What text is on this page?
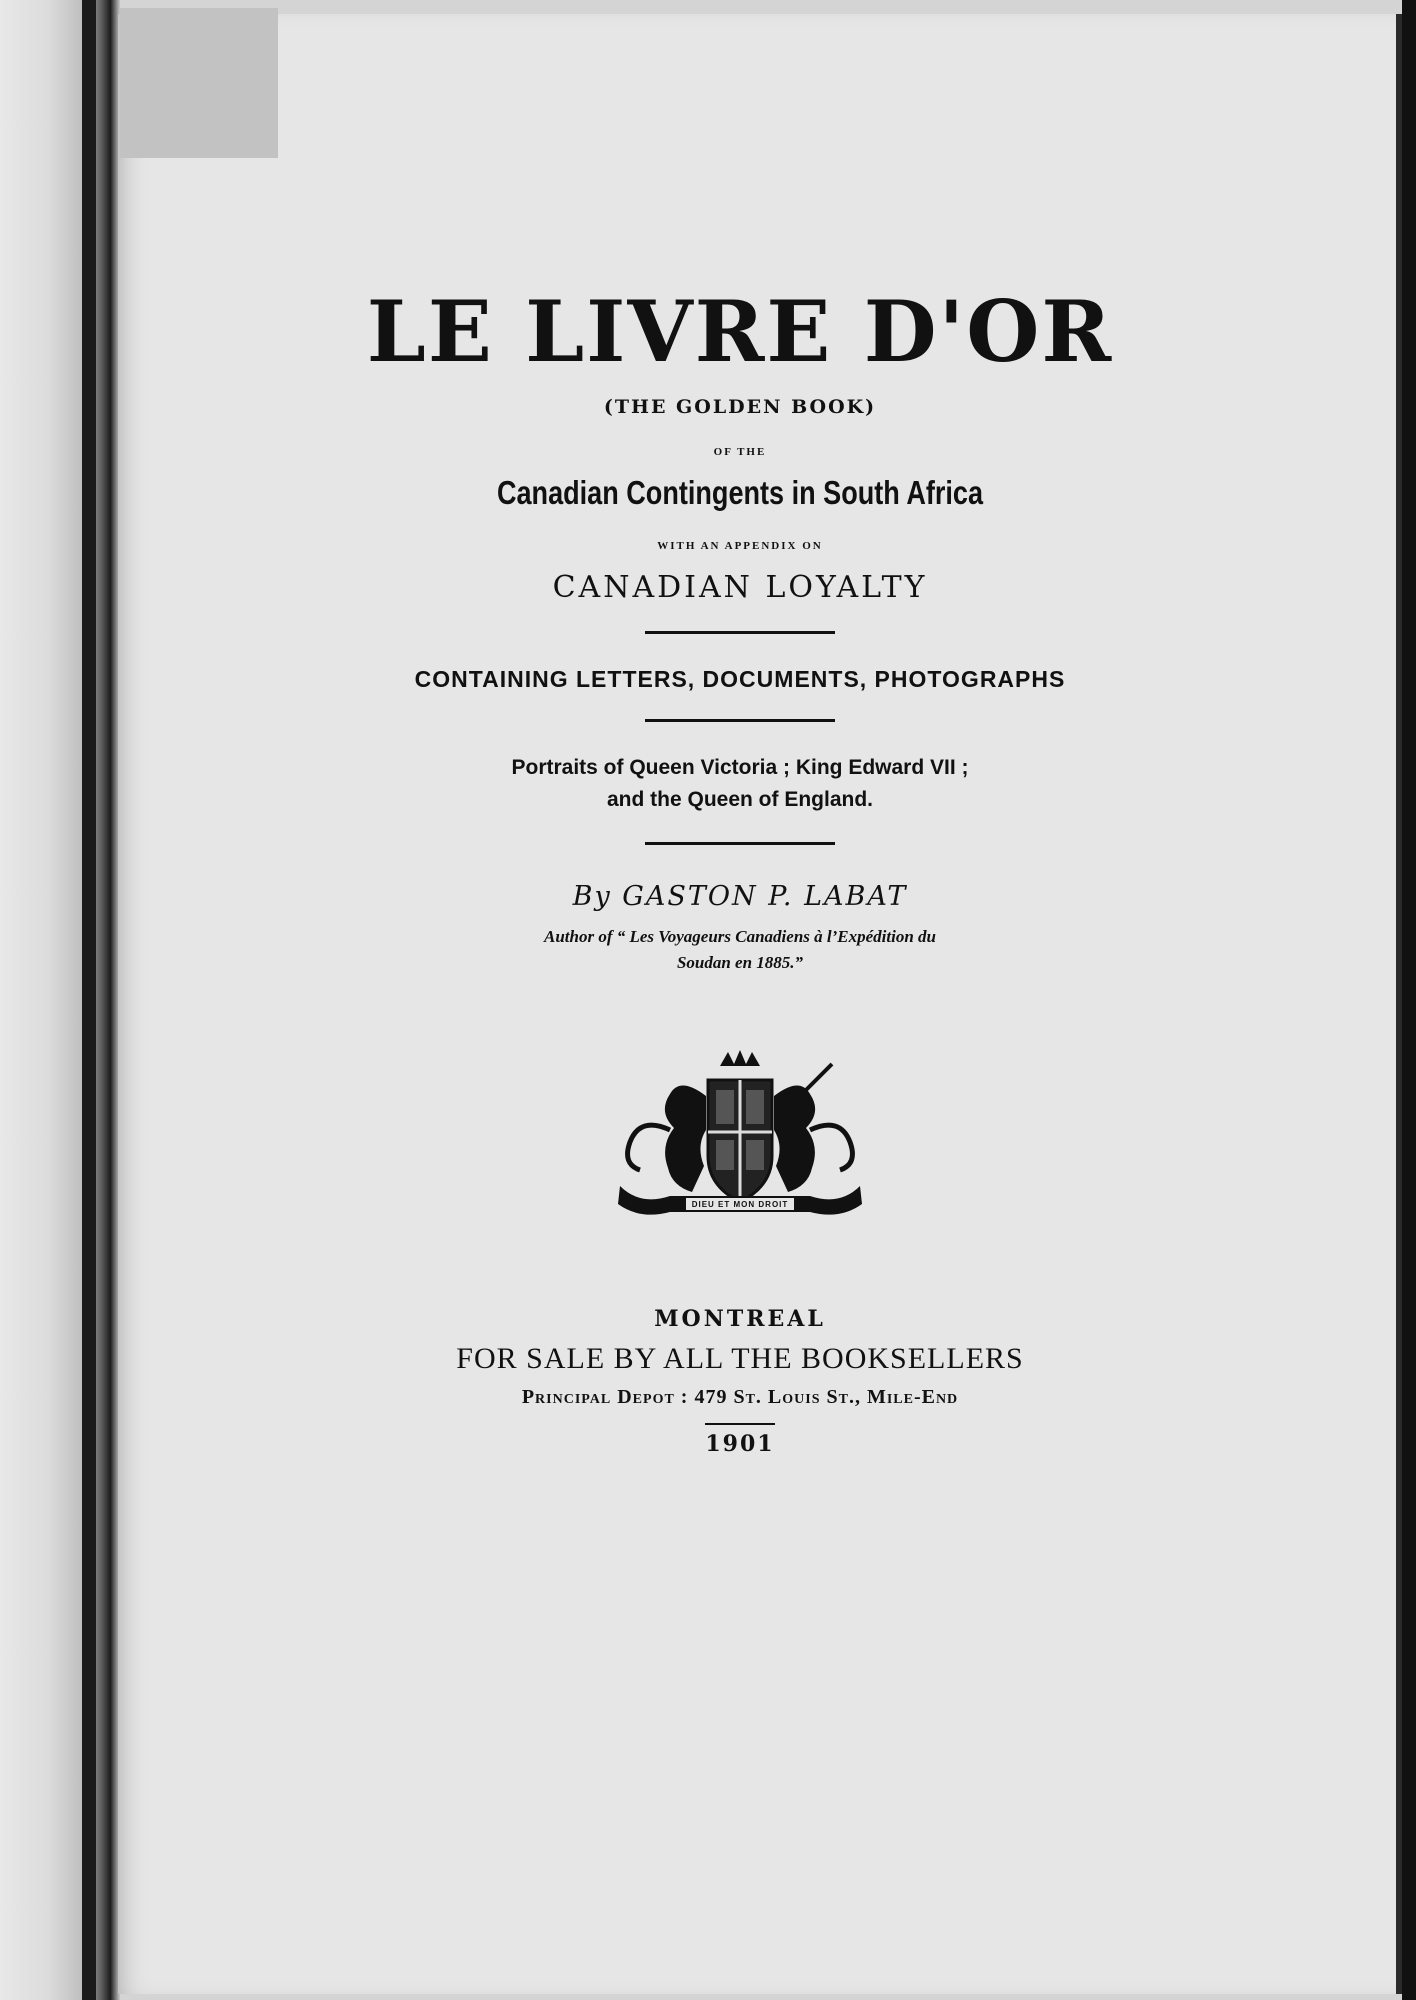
LE LIVRE D'OR
(THE GOLDEN BOOK)
OF THE
Canadian Contingents in South Africa
WITH AN APPENDIX ON
CANADIAN LOYALTY
CONTAINING LETTERS, DOCUMENTS, PHOTOGRAPHS
Portraits of Queen Victoria ; King Edward VII ;
and the Queen of England.
By GASTON P. LABAT
Author of “ Les Voyageurs Canadiens à l’Expédition du
Soudan en 1885.”
DIEU ET MON DROIT
MONTREAL
FOR SALE BY ALL THE BOOKSELLERS
Principal Depot : 479 St. Louis St., Mile-End
1901
